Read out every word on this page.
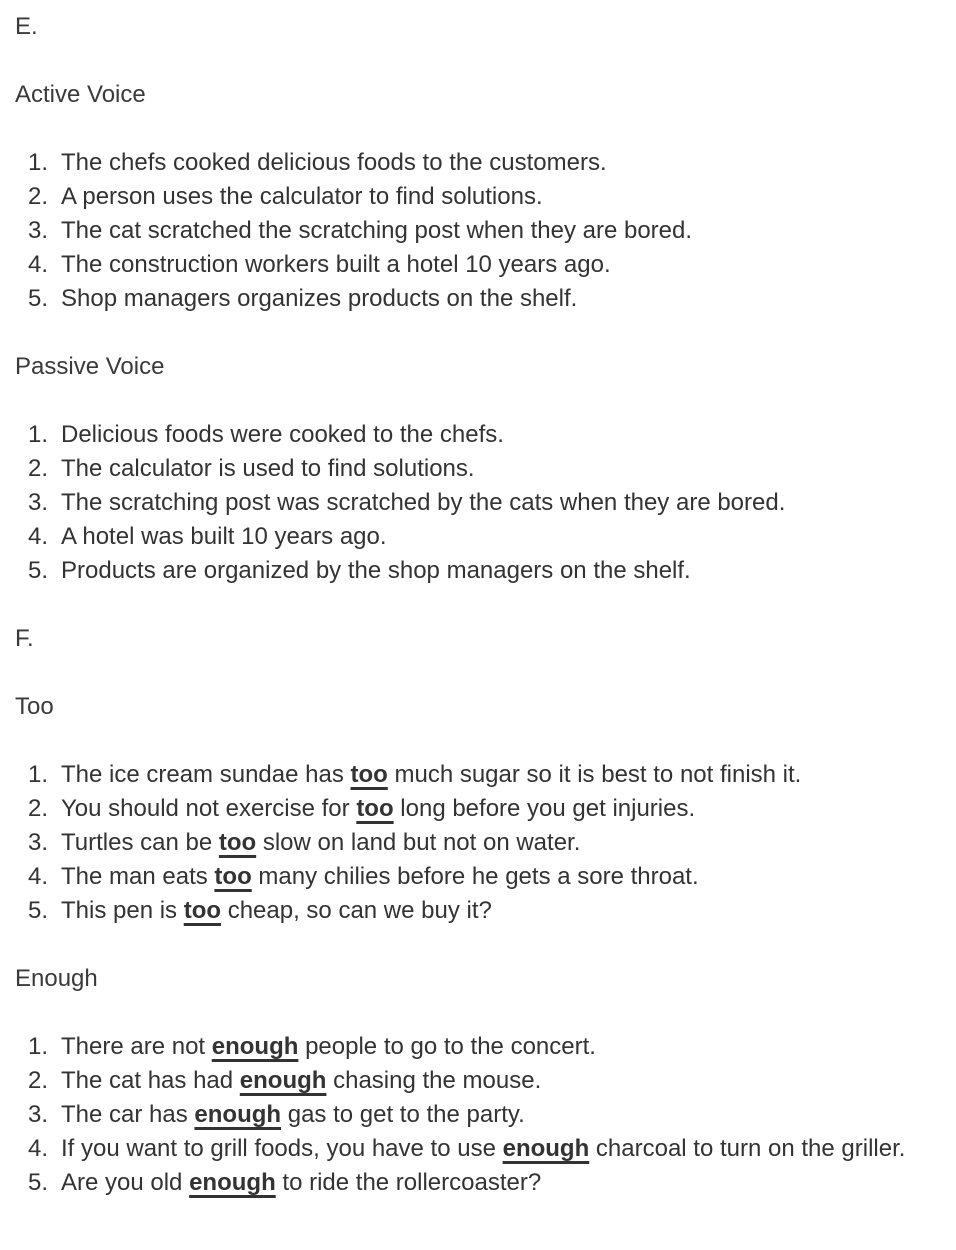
E.
Active Voice
1. The chefs cooked delicious foods to the customers.
2. A person uses the calculator to find solutions.
3. The cat scratched the scratching post when they are bored.
4. The construction workers built a hotel 10 years ago.
5. Shop managers organizes products on the shelf.
Passive Voice
1. Delicious foods were cooked to the chefs.
2. The calculator is used to find solutions.
3. The scratching post was scratched by the cats when they are bored.
4. A hotel was built 10 years ago.
5. Products are organized by the shop managers on the shelf.
F.
Too
1. The ice cream sundae has too much sugar so it is best to not finish it.
2. You should not exercise for too long before you get injuries.
3. Turtles can be too slow on land but not on water.
4. The man eats too many chilies before he gets a sore throat.
5. This pen is too cheap, so can we buy it?
Enough
1. There are not enough people to go to the concert.
2. The cat has had enough chasing the mouse.
3. The car has enough gas to get to the party.
4. If you want to grill foods, you have to use enough charcoal to turn on the griller.
5. Are you old enough to ride the rollercoaster?
